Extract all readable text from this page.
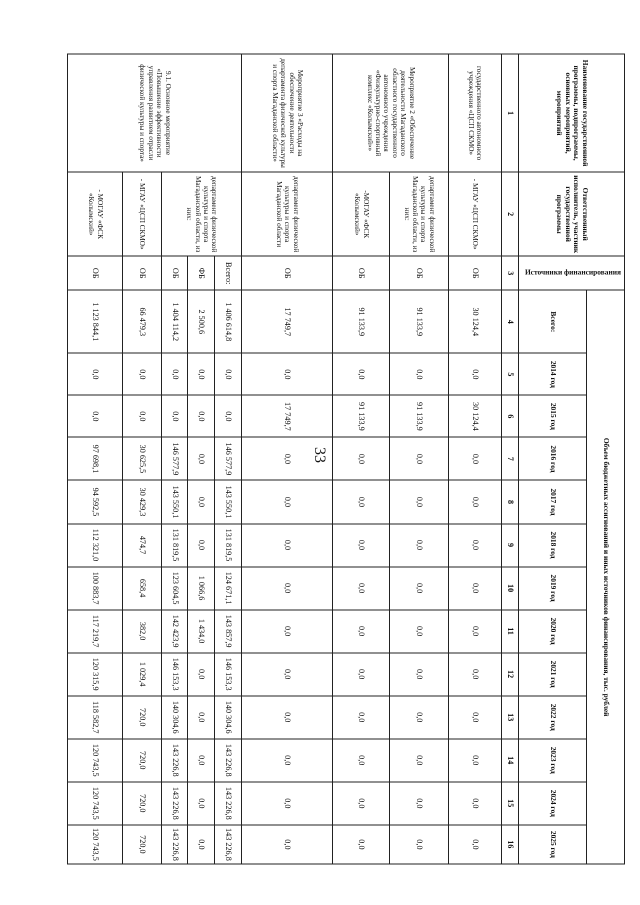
33
Наименование государственной программы, подпрограммы, основных мероприятий, мероприятий	Ответственный исполнитель, участник государственной программы	Источники финансирования	Объем бюджетных ассигнований и иных источников финансирования, тыс. рублей												
			Всего:	2014 год	2015 год	2016 год	2017 год	2018 год	2019 год	2020 год	2021 год	2022 год	2023 год	2024 год	2025 год
1	2	3	4	5	6	7	8	9	10	11	12	13	14	15	16
государственного автономного учреждения «ЦСП СКМО»	- МГАУ «ЦСП СКМО»	ОБ	30 124,4	0,0	30 124,4	0,0	0,0	0,0	0,0	0,0	0,0	0,0	0,0	0,0	0,0
Мероприятие 2 «Обеспечение деятельности Магаданского областного государственного автономного учреждения «Физкультурно-спортивный комплекс «Колымский»»	департамент физической культуры и спорта Магаданской области, из них:	ОБ	91 133,9	0,0	91 133,9	0,0	0,0	0,0	0,0	0,0	0,0	0,0	0,0	0,0	0,0
	-МОГАУ «ФСК «Колымский»	ОБ	91 133,9	0,0	91 133,9	0,0	0,0	0,0	0,0	0,0	0,0	0,0	0,0	0,0	0,0
Мероприятие 3 «Расходы на обеспечение деятельности департамента физической культуры и спорта Магаданской области»	департамент физической культуры и спорта Магаданской области	ОБ	17 749,7	0,0	17 749,7	0,0	0,0	0,0	0,0	0,0	0,0	0,0	0,0	0,0	0,0
9.1. Основное мероприятие «Повышение эффективности управления развитием отрасли физической культуры и спорта»	департамент физической культуры и спорта Магаданской области, из них:	Всего:	1 406 614,8	0,0	0,0	146 577,9	143 550,1	131 819,5	124 671,1	143 857,9	146 153,3	140 304,6	143 226,8	143 226,8	143 226,8
		ФБ	2 500,6	0,0	0,0	0,0	0,0	0,0	1 066,6	1 434,0	0,0	0,0	0,0	0,0	0,0
		ОБ	1 404 114,2	0,0	0,0	146 577,9	143 550,1	131 819,5	123 604,5	142 423,9	146 153,3	140 304,6	143 226,8	143 226,8	143 226,8
	- МГАУ «ЦСП СКМО»	ОБ	66 479,3	0,0	0,0	30 625,5	30 429,3	474,7	658,4	382,0	1 029,4	720,0	720,0	720,0	720,0
	- МОГАУ «ФСК «Колымский»	ОБ	1 123 844,1	0,0	0,0	97 698,1	94 592,5	112 321,0	100 883,7	117 219,7	120 315,9	118 582,7	120 743,5	120 743,5	120 743,5
